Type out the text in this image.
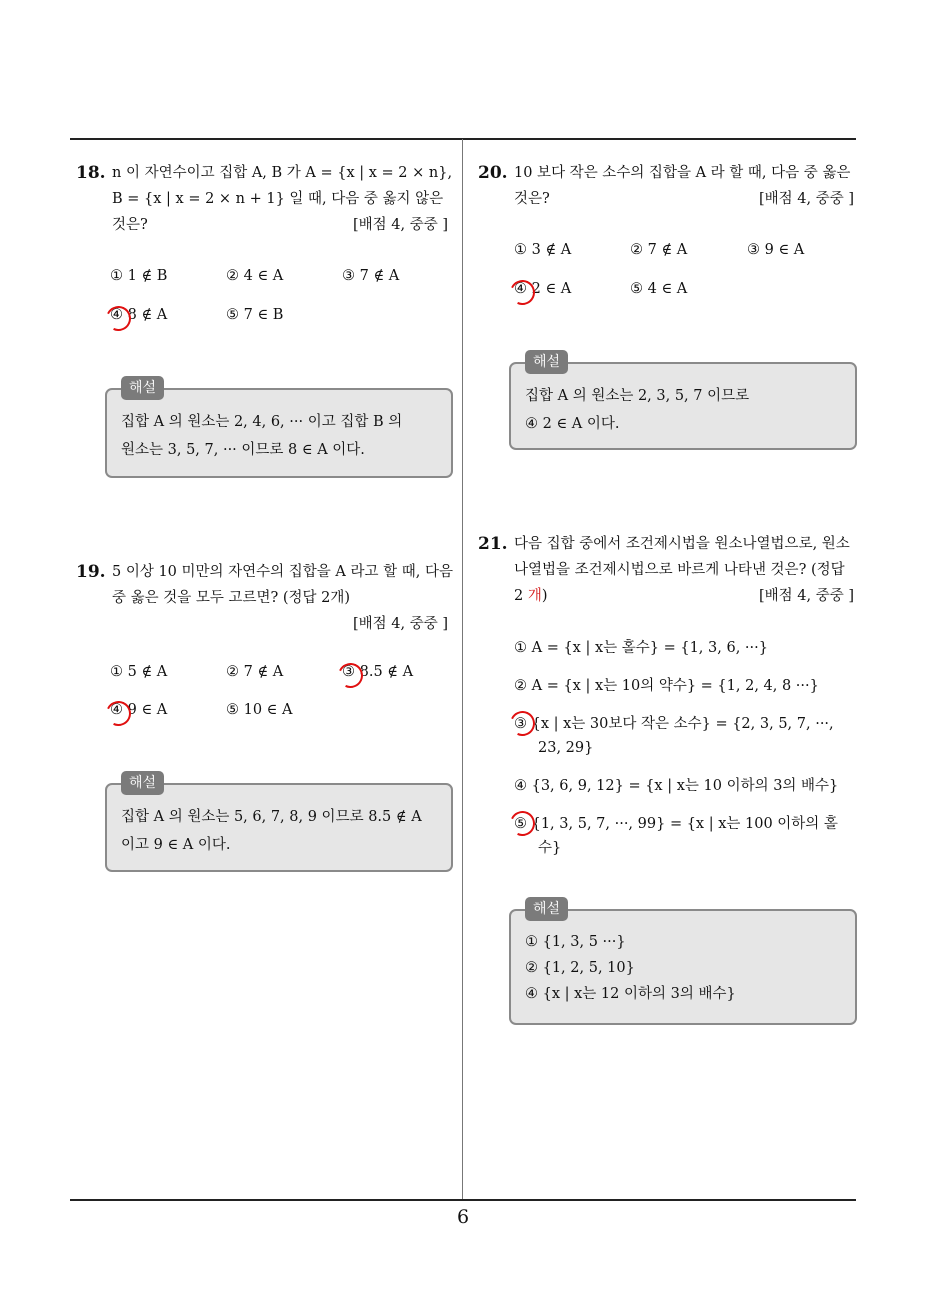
18. n 이 자연수이고 집합 A, B 가 A = {x | x = 2 × n},
B = {x | x = 2 × n + 1} 일 때, 다음 중 옳지 않은
것은?	[배점 4, 중중 ]
① 1 ∉ B	② 4 ∈ A	③ 7 ∉ A
④ 8 ∉ A	⑤ 7 ∈ B
해설
집합 A 의 원소는 2, 4, 6, ··· 이고 집합 B 의
원소는 3, 5, 7, ··· 이므로 8 ∈ A 이다.
19. 5 이상 10 미만의 자연수의 집합을 A 라고 할 때, 다음
중 옳은 것을 모두 고르면? (정답 2개)
[배점 4, 중중 ]
① 5 ∉ A	② 7 ∉ A	③ 8.5 ∉ A
④ 9 ∈ A	⑤ 10 ∈ A
해설
집합 A 의 원소는 5, 6, 7, 8, 9 이므로 8.5 ∉ A
이고 9 ∈ A 이다.
20. 10 보다 작은 소수의 집합을 A 라 할 때, 다음 중 옳은
것은?	[배점 4, 중중 ]
① 3 ∉ A	② 7 ∉ A	③ 9 ∈ A
④ 2 ∈ A	⑤ 4 ∈ A
해설
집합 A 의 원소는 2, 3, 5, 7 이므로
④ 2 ∈ A 이다.
21. 다음 집합 중에서 조건제시법을 원소나열법으로, 원소
나열법을 조건제시법으로 바르게 나타낸 것은? (정답
2 개)	[배점 4, 중중 ]
① A = {x | x는 홀수} = {1, 3, 6, ···}
② A = {x | x는 10의 약수} = {1, 2, 4, 8 ···}
③ {x | x는 30보다 작은 소수} = {2, 3, 5, 7, ···, 23, 29}
④ {3, 6, 9, 12} = {x | x는 10 이하의 3의 배수}
⑤ {1, 3, 5, 7, ···, 99} = {x | x는 100 이하의 홀수}
해설
① {1, 3, 5 ···}
② {1, 2, 5, 10}
④ {x | x는 12 이하의 3의 배수}
6
